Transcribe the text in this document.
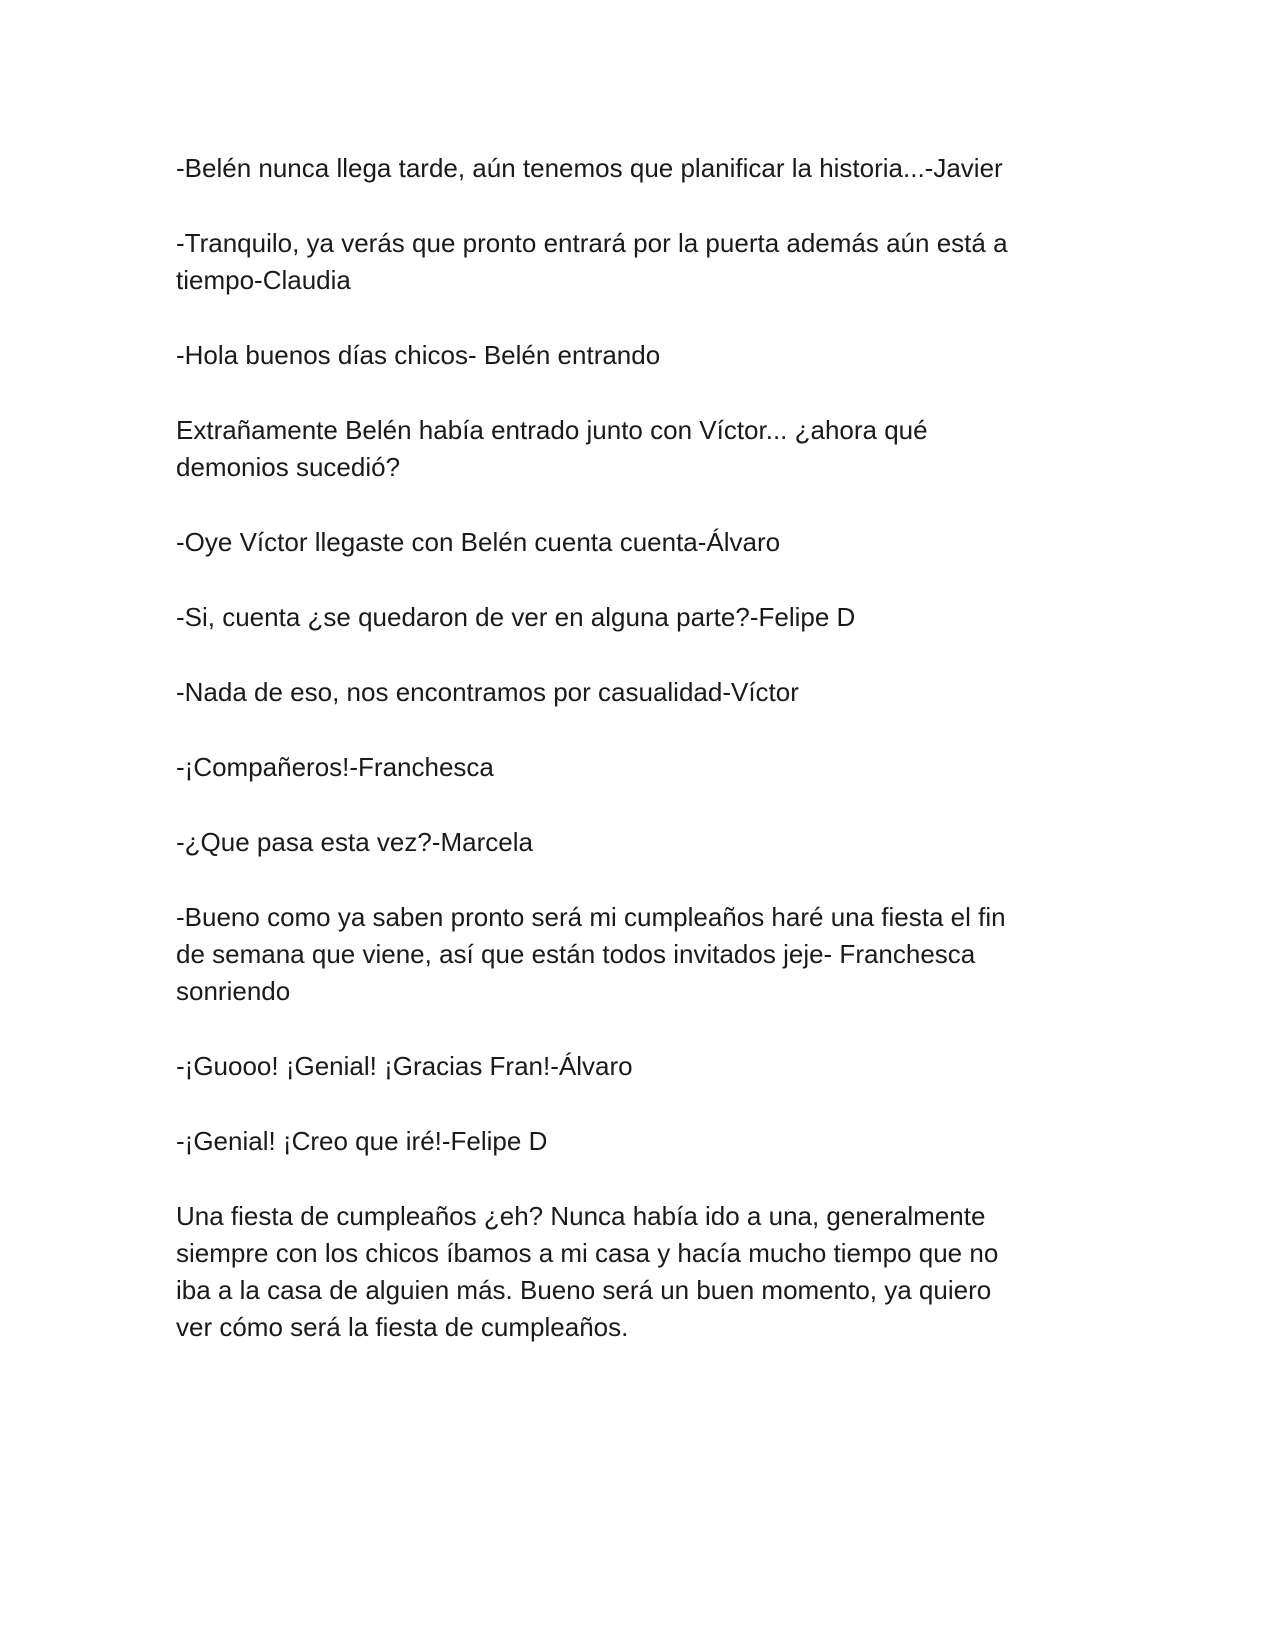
-Belén nunca llega tarde, aún tenemos que planificar la historia...-Javier

-Tranquilo, ya verás que pronto entrará por la puerta además aún está a
tiempo-Claudia

-Hola buenos días chicos- Belén entrando

Extrañamente Belén había entrado junto con Víctor... ¿ahora qué
demonios sucedió?

-Oye Víctor llegaste con Belén cuenta cuenta-Álvaro

-Si, cuenta ¿se quedaron de ver en alguna parte?-Felipe D

-Nada de eso, nos encontramos por casualidad-Víctor

-¡Compañeros!-Franchesca

-¿Que pasa esta vez?-Marcela

-Bueno como ya saben pronto será mi cumpleaños haré una fiesta el fin
de semana que viene, así que están todos invitados jeje- Franchesca
sonriendo

-¡Guooo! ¡Genial! ¡Gracias Fran!-Álvaro

-¡Genial! ¡Creo que iré!-Felipe D

Una fiesta de cumpleaños ¿eh? Nunca había ido a una, generalmente
siempre con los chicos íbamos a mi casa y hacía mucho tiempo que no
iba a la casa de alguien más. Bueno será un buen momento, ya quiero
ver cómo será la fiesta de cumpleaños.
